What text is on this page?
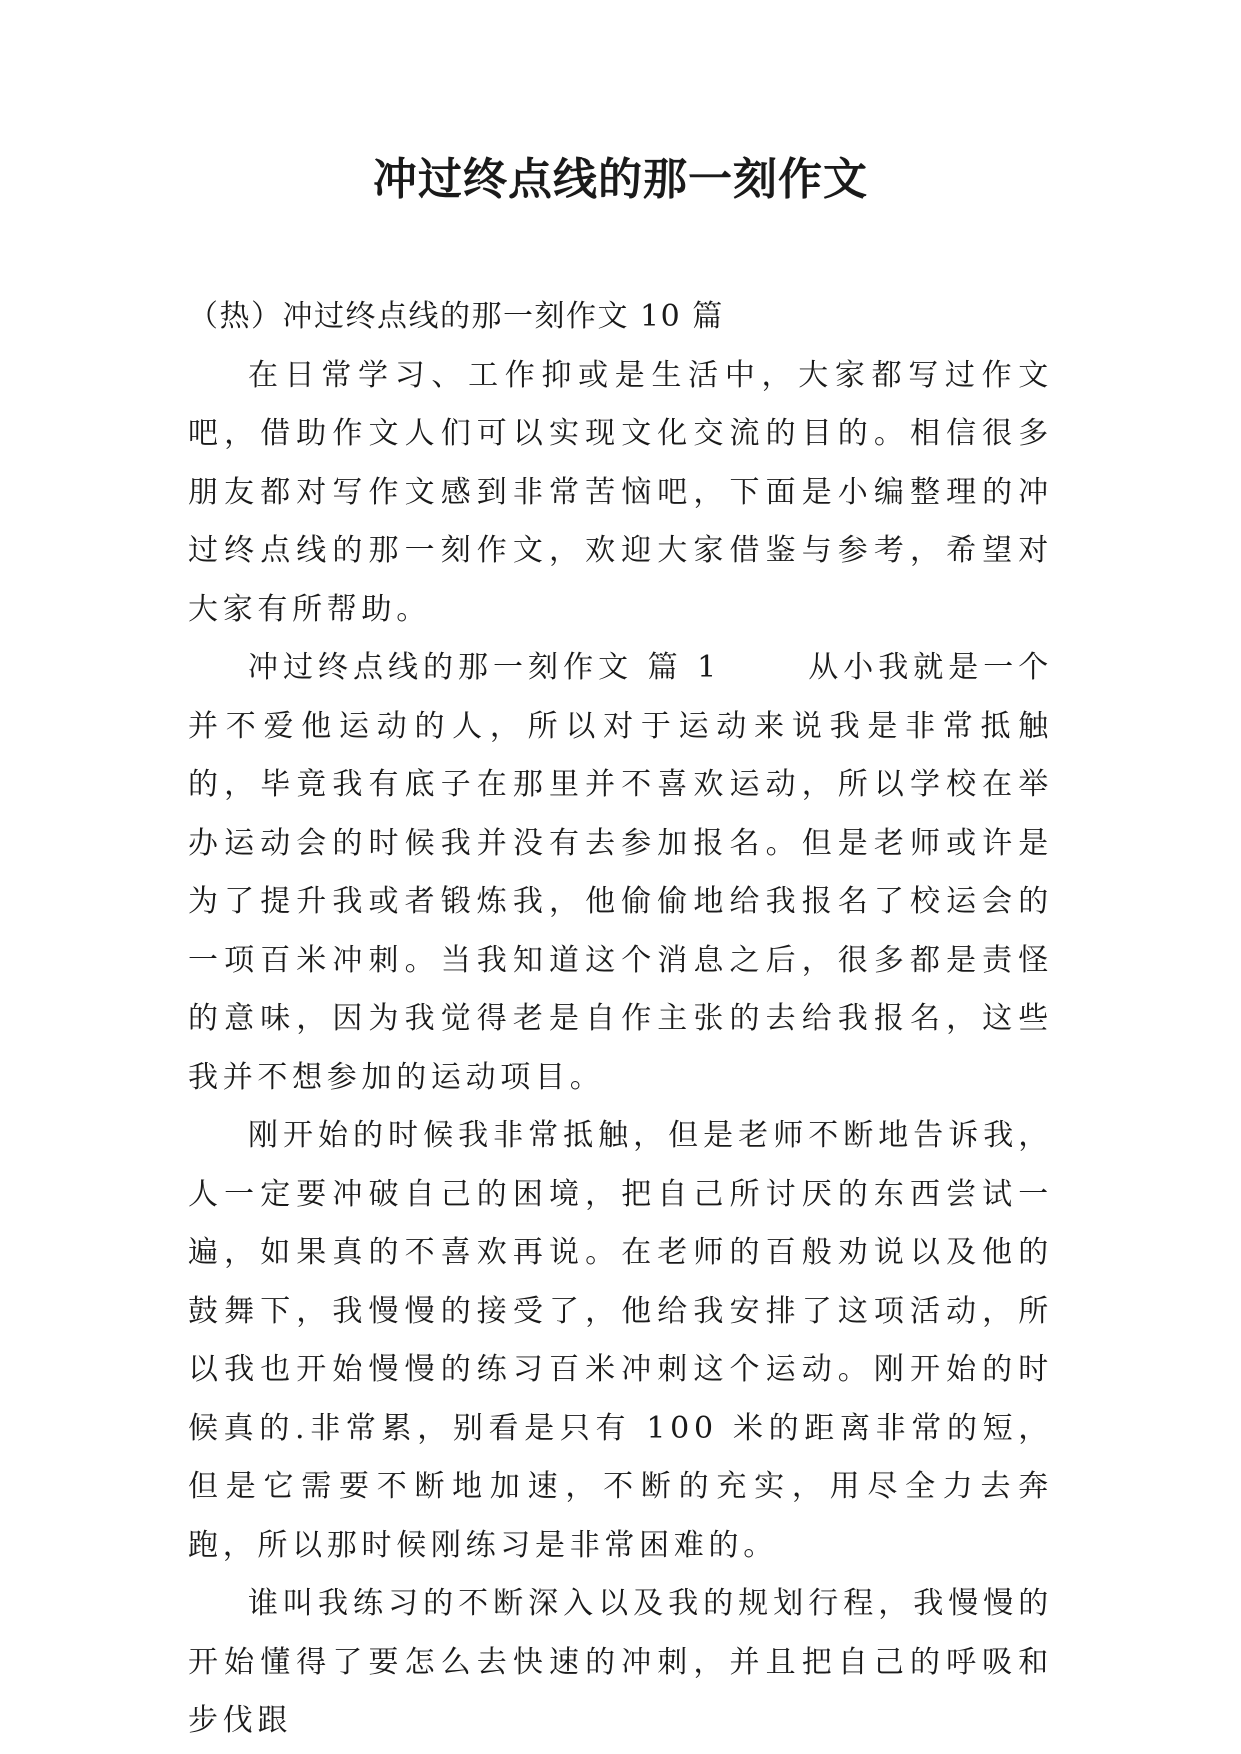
冲过终点线的那一刻作文

（热）冲过终点线的那一刻作文 10 篇

在日常学习、工作抑或是生活中，大家都写过作文吧，借助作文人们可以实现文化交流的目的。相信很多朋友都对写作文感到非常苦恼吧，下面是小编整理的冲过终点线的那一刻作文，欢迎大家借鉴与参考，希望对大家有所帮助。

冲过终点线的那一刻作文 篇 1	从小我就是一个并不爱他运动的人，所以对于运动来说我是非常抵触的，毕竟我有底子在那里并不喜欢运动，所以学校在举办运动会的时候我并没有去参加报名。但是老师或许是为了提升我或者锻炼我，他偷偷地给我报名了校运会的一项百米冲刺。当我知道这个消息之后，很多都是责怪的意味，因为我觉得老是自作主张的去给我报名，这些我并不想参加的运动项目。

刚开始的时候我非常抵触，但是老师不断地告诉我，人一定要冲破自己的困境，把自己所讨厌的东西尝试一遍，如果真的不喜欢再说。在老师的百般劝说以及他的鼓舞下，我慢慢的接受了，他给我安排了这项活动，所以我也开始慢慢的练习百米冲刺这个运动。刚开始的时候真的.非常累，别看是只有 100 米的距离非常的短，但是它需要不断地加速，不断的充实，用尽全力去奔跑，所以那时候刚练习是非常困难的。

谁叫我练习的不断深入以及我的规划行程，我慢慢的开始懂得了要怎么去快速的冲刺，并且把自己的呼吸和步伐跟
